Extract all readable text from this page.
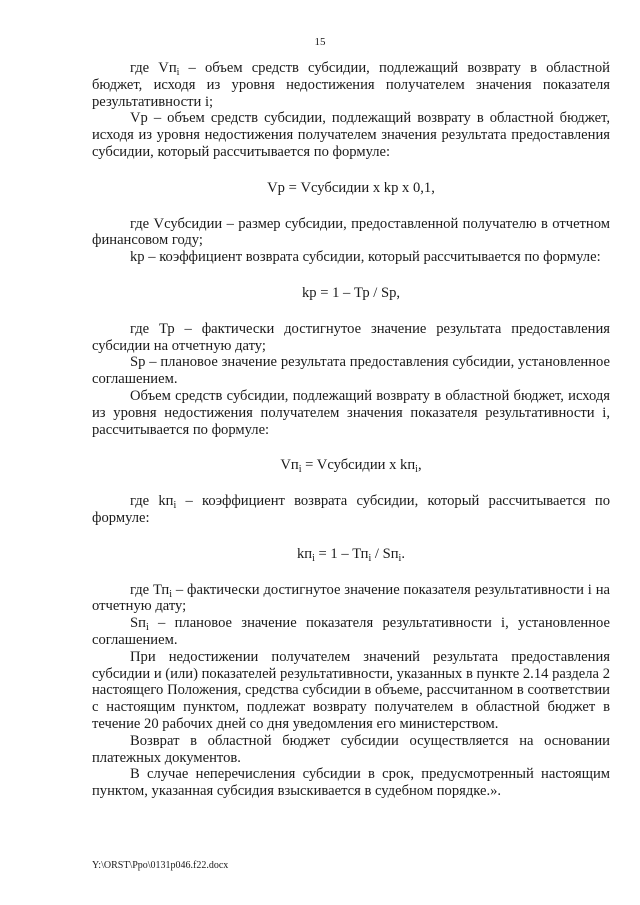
15

где $Vп_i$ – объем средств субсидии, подлежащий возврату в областной бюджет, исходя из уровня недостижения получателем значения показателя результативности i;

Vр – объем средств субсидии, подлежащий возврату в областной бюджет, исходя из уровня недостижения получателем значения результата предоставления субсидии, который рассчитывается по формуле:

Vр = Vсубсидии x kр x 0,1,

где Vсубсидии – размер субсидии, предоставленной получателю в отчетном финансовом году;

kр – коэффициент возврата субсидии, который рассчитывается по формуле:

kр = 1 – Тр / Sр,

где Тр – фактически достигнутое значение результата предоставления субсидии на отчетную дату;

Sр – плановое значение результата предоставления субсидии, установленное соглашением.

Объем средств субсидии, подлежащий возврату в областной бюджет, исходя из уровня недостижения получателем значения показателя результативности i, рассчитывается по формуле:

$Vп_i$ = Vсубсидии x $kп_i$,

где $kп_i$ – коэффициент возврата субсидии, который рассчитывается по формуле:

$kп_i = 1 - Тп_i / Sп_i$.

где $Тп_i$ – фактически достигнутое значение показателя результативности i на отчетную дату;

$Sп_i$ – плановое значение показателя результативности i, установленное соглашением.

При недостижении получателем значений результата предоставления субсидии и (или) показателей результативности, указанных в пункте 2.14 раздела 2 настоящего Положения, средства субсидии в объеме, рассчитанном в соответствии с настоящим пунктом, подлежат возврату получателем в областной бюджет в течение 20 рабочих дней со дня уведомления его министерством.

Возврат в областной бюджет субсидии осуществляется на основании платежных документов.

В случае неперечисления субсидии в срок, предусмотренный настоящим пунктом, указанная субсидия взыскивается в судебном порядке.».

Y:\ORST\Ppo\0131p046.f22.docx
